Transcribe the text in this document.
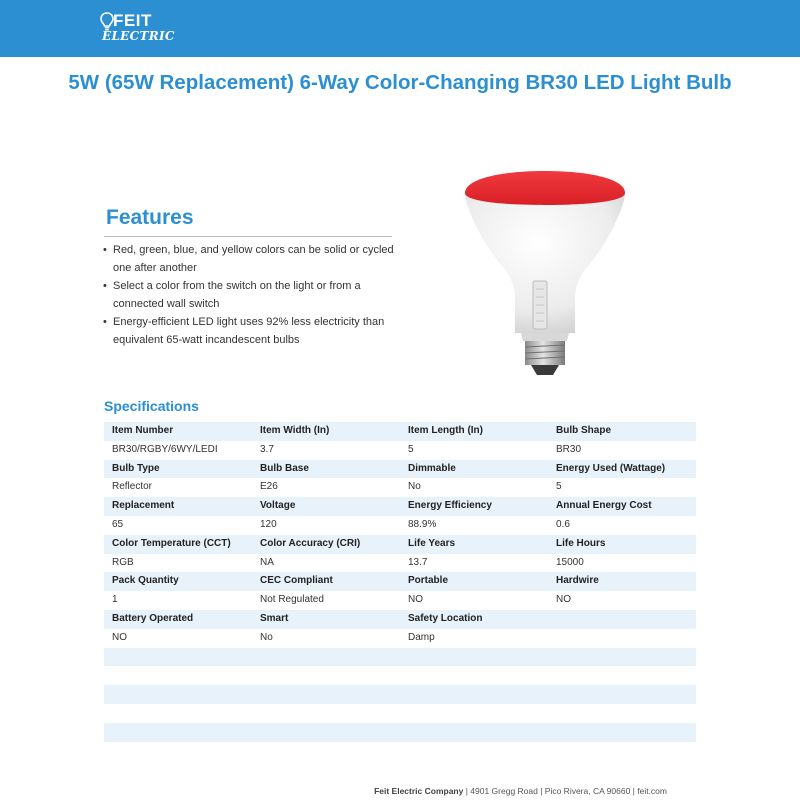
FEIT
ELECTRIC
5W (65W Replacement) 6-Way Color-Changing BR30 LED Light Bulb
Features
• Red, green, blue, and yellow colors can be solid or cycled one after another
• Select a color from the switch on the light or from a connected wall switch
• Energy-efficient LED light uses 92% less electricity than equivalent 65-watt incandescent bulbs
Specifications
Item Number	Item Width (In)	Item Length (In)	Bulb Shape
BR30/RGBY/6WY/LEDI	3.7	5	BR30
Bulb Type	Bulb Base	Dimmable	Energy Used (Wattage)
Reflector	E26	No	5
Replacement	Voltage	Energy Efficiency	Annual Energy Cost
65	120	88.9%	0.6
Color Temperature (CCT)	Color Accuracy (CRI)	Life Years	Life Hours
RGB	NA	13.7	15000
Pack Quantity	CEC Compliant	Portable	Hardwire
1	Not Regulated	NO	NO
Battery Operated	Smart	Safety Location	
NO	No	Damp	

Feit Electric Company | 4901 Gregg Road | Pico Rivera, CA 90660 | feit.com
